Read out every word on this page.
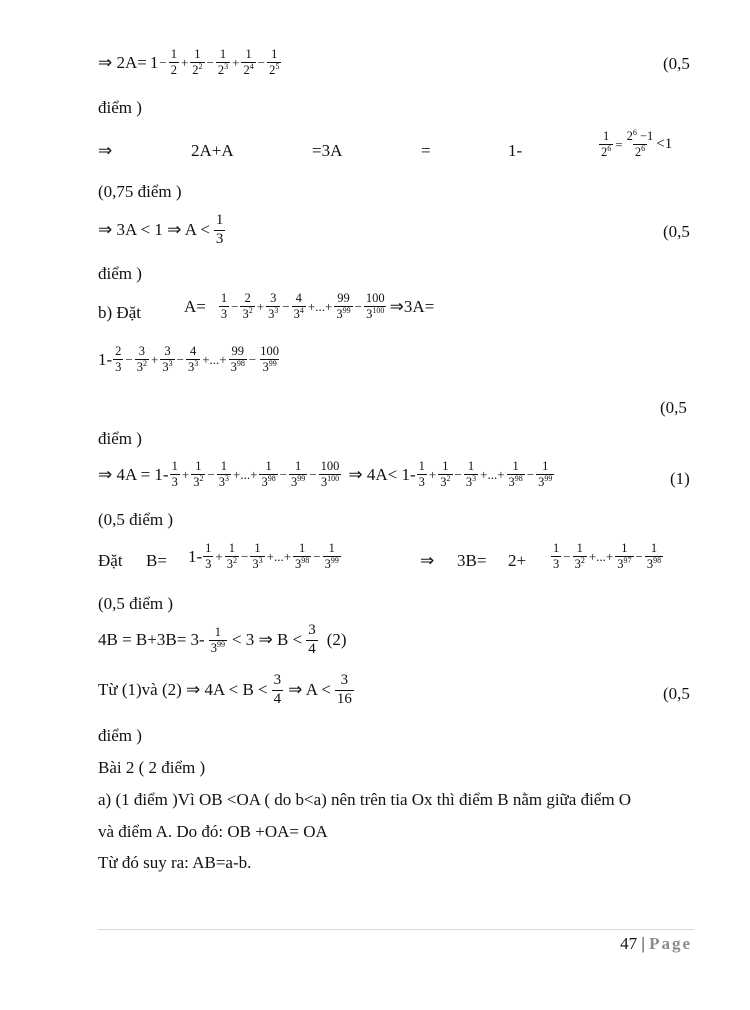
⇒ $2A= 1 - \frac{1}{2} + \frac{1}{2^2} - \frac{1}{2^3} + \frac{1}{2^4} - \frac{1}{2^5}$	(0,5
điểm )
⇒	2A+A	=3A	=	1-	$\frac{1}{2^6} = \frac{2^6 -1}{2^6} <1$
(0,75 điểm )
⇒ 3A < 1 ⇒ $A < \frac{1}{3}$	(0,5
điểm )
b) Đặt	$A= \frac{1}{3} - \frac{2}{3^2} + \frac{3}{3^3} - \frac{4}{3^4}$ +...+ $\frac{99}{3^{99}} - \frac{100}{3^{100}}$ ⇒3A=
$1- \frac{2}{3} - \frac{3}{3^2} + \frac{3}{3^3} - \frac{4}{3^3}$ +...+ $\frac{99}{3^{98}} - \frac{100}{3^{99}}$
(0,5
điểm )
⇒ $4A = 1- \frac{1}{3} + \frac{1}{3^2} - \frac{1}{3^3}$ +...+ $\frac{1}{3^{98}} - \frac{1}{3^{99}} - \frac{100}{3^{100}}$ ⇒ $4A< 1- \frac{1}{3} + \frac{1}{3^2} - \frac{1}{3^3}$ +...+ $\frac{1}{3^{98}} - \frac{1}{3^{99}}$	(1)
(0,5 điểm )
Đặt $B= 1- \frac{1}{3} + \frac{1}{3^2} - \frac{1}{3^3}$ +...+ $\frac{1}{3^{98}} - \frac{1}{3^{99}}$	⇒ $3B= 2+ \frac{1}{3} - \frac{1}{3^2}$ +...+ $\frac{1}{3^{97}} - \frac{1}{3^{98}}$
(0,5 điểm )
$4B = B+3B= 3- \frac{1}{3^{99}} < 3$ ⇒ $B < \frac{3}{4} (2)$
Từ (1)và (2) ⇒ $4A < B < \frac{3}{4}$ ⇒ $A < \frac{3}{16}$	(0,5
điểm )
Bài 2 ( 2 điểm )
a) (1 điểm )Vì OB <OA ( do b<a) nên trên tia Ox thì điểm B nằm giữa điểm O
và điểm A. Do đó: OB +OA= OA
Từ đó suy ra: AB=a-b.
47 | Page
